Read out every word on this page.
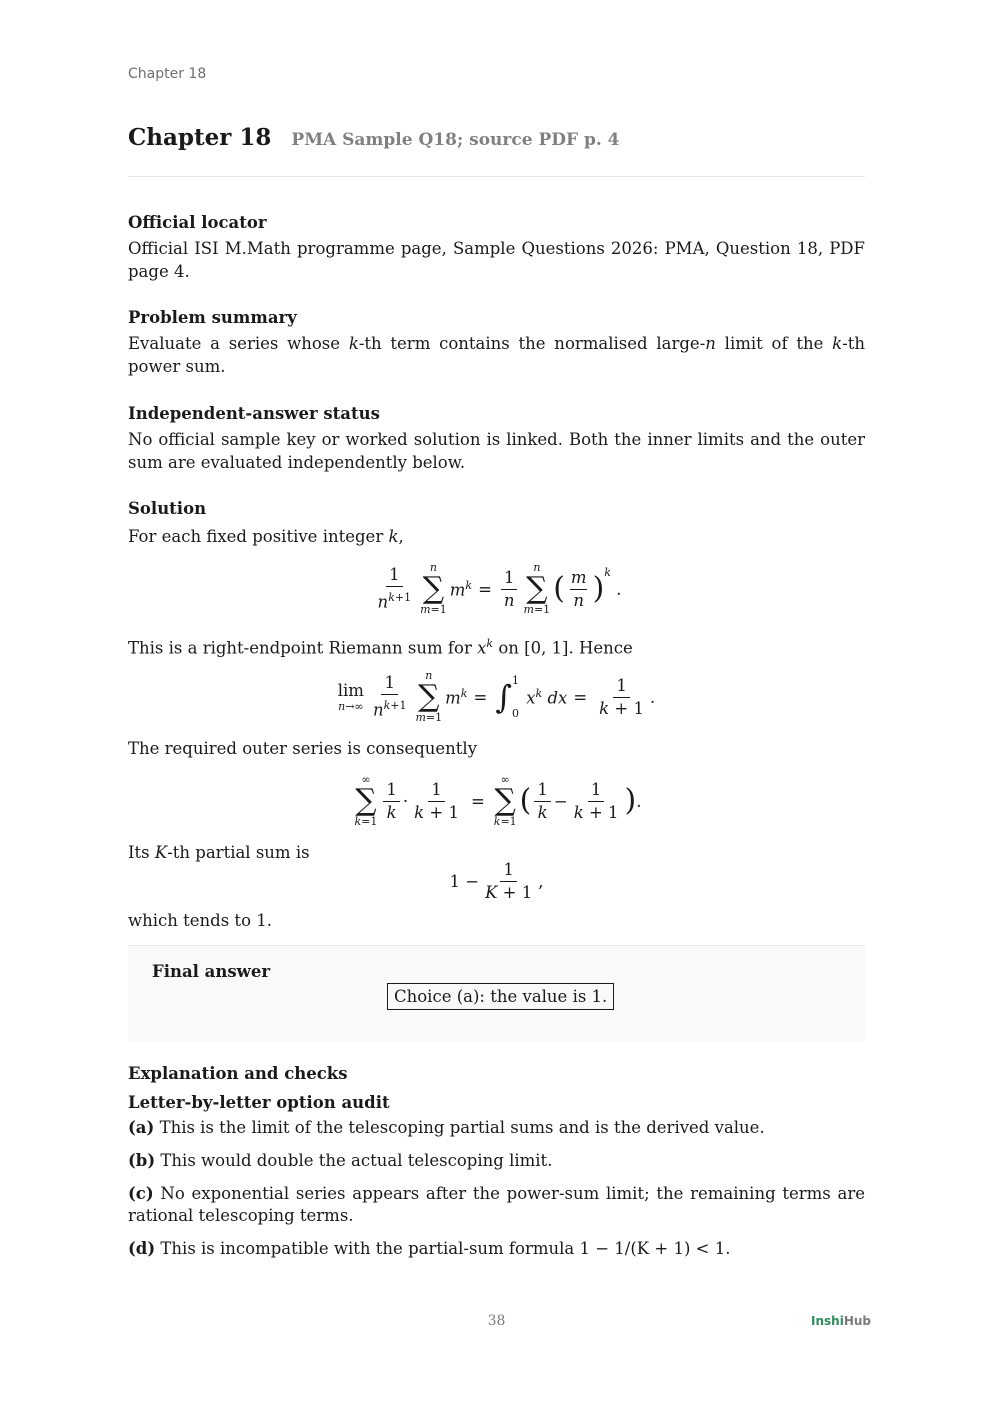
Chapter 18
Chapter 18 PMA Sample Q18; source PDF p. 4
Official locator
Official ISI M.Math programme page, Sample Questions 2026: PMA, Question 18, PDF page 4.
Problem summary
Evaluate a series whose k-th term contains the normalised large-n limit of the k-th power sum.
Independent-answer status
No official sample key or worked solution is linked. Both the inner limits and the outer sum are evaluated independently below.
Solution
For each fixed positive integer k,
$\frac{1}{n^{k+1}}$ n
∑
m=1
$m^k = \frac{1}{n}$ n
∑
m=1
( $\frac{m}{n}$ ) $^k$
.
This is a right-endpoint Riemann sum for $x^k$ on [0, 1]. Hence
lim
$n\to\infty \frac{1}{n^{k+1}}$ n
∑
m=1
$m^k$ = ∫ 1
0
$x^k$ dx = $\frac{1}{k + 1}$ .
The required outer series is consequently
∞
∑
$k=1 \frac{1}{k} \cdot \frac{1}{k + 1}$ =
∞
∑
k=1
( $\frac{1}{k} - \frac{1}{k + 1}$ ) .
Its K-th partial sum is
$1 - \frac{1}{K + 1}$ ,
which tends to 1.
Final answer
Choice (a): the value is 1.
Explanation and checks
Letter-by-letter option audit
(a) This is the limit of the telescoping partial sums and is the derived value.
(b) This would double the actual telescoping limit.
(c) No exponential series appears after the power-sum limit; the remaining terms are rational telescoping terms.
(d) This is incompatible with the partial-sum formula 1 − 1/(K + 1) < 1.
38	InshiHub
